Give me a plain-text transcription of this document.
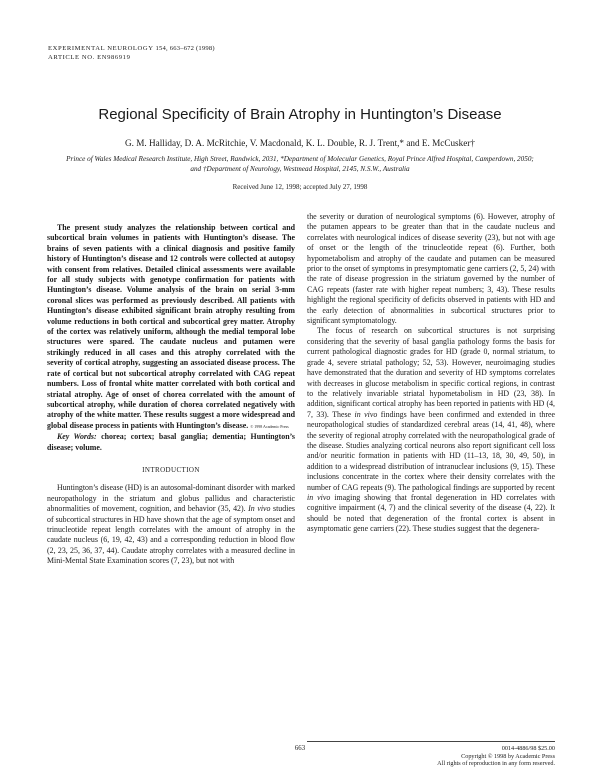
EXPERIMENTAL NEUROLOGY 154, 663–672 (1998)
ARTICLE NO. EN986919
Regional Specificity of Brain Atrophy in Huntington’s Disease
G. M. Halliday, D. A. McRitchie, V. Macdonald, K. L. Double, R. J. Trent,* and E. McCusker†
Prince of Wales Medical Research Institute, High Street, Randwick, 2031, *Department of Molecular Genetics, Royal Prince Alfred Hospital, Camperdown, 2050; and †Department of Neurology, Westmead Hospital, 2145, N.S.W., Australia
Received June 12, 1998; accepted July 27, 1998

The present study analyzes the relationship between cortical and subcortical brain volumes in patients with Huntington’s disease. The brains of seven patients with a clinical diagnosis and positive family history of Huntington’s disease and 12 controls were collected at autopsy with consent from relatives. Detailed clinical assessments were available for all study subjects with genotype confirmation for patients with Huntington’s disease. Volume analysis of the brain on serial 3-mm coronal slices was performed as previously described. All patients with Huntington’s disease exhibited significant brain atrophy resulting from volume reductions in both cortical and subcortical grey matter. Atrophy of the cortex was relatively uniform, although the medial temporal lobe structures were spared. The caudate nucleus and putamen were strikingly reduced in all cases and this atrophy correlated with the severity of cortical atrophy, suggesting an associated disease process. The rate of cortical but not subcortical atrophy correlated with CAG repeat numbers. Loss of frontal white matter correlated with both cortical and striatal atrophy. Age of onset of chorea correlated with the amount of subcortical atrophy, while duration of chorea correlated negatively with atrophy of the white matter. These results suggest a more widespread and global disease process in patients with Huntington’s disease. © 1998 Academic Press

Key Words: chorea; cortex; basal ganglia; dementia; Huntington’s disease; volume.

INTRODUCTION

Huntington’s disease (HD) is an autosomal-dominant disorder with marked neuropathology in the striatum and globus pallidus and characteristic abnormalities of movement, cognition, and behavior (35, 42). In vivo studies of subcortical structures in HD have shown that the age of symptom onset and trinucleotide repeat length correlates with the amount of atrophy in the caudate nucleus (6, 19, 42, 43) and a corresponding reduction in blood flow (2, 23, 25, 36, 37, 44). Caudate atrophy correlates with a measured decline in Mini-Mental State Examination scores (7, 23), but not with

the severity or duration of neurological symptoms (6). However, atrophy of the putamen appears to be greater than that in the caudate nucleus and correlates with neurological indices of disease severity (23), but not with age of onset or the length of the trinucleotide repeat (6). Further, both hypometabolism and atrophy of the caudate and putamen can be measured prior to the onset of symptoms in presymptomatic gene carriers (2, 5, 24) with the rate of disease progression in the striatum governed by the number of CAG repeats (faster rate with higher repeat numbers; 3, 43). These results highlight the regional specificity of deficits observed in patients with HD and the early detection of abnormalities in subcortical structures prior to significant symptomatology.

The focus of research on subcortical structures is not surprising considering that the severity of basal ganglia pathology forms the basis for current pathological diagnostic grades for HD (grade 0, normal striatum, to grade 4, severe striatal pathology; 52, 53). However, neuroimaging studies have demonstrated that the duration and severity of HD symptoms correlates with decreases in glucose metabolism in specific cortical regions, in contrast to the relatively invariable striatal hypometabolism in HD (23, 38). In addition, significant cortical atrophy has been reported in patients with HD (4, 7, 33). These in vivo findings have been confirmed and extended in three neuropathological studies of standardized cerebral areas (14, 41, 48), where the severity of regional atrophy correlated with the neuropathological grade of the disease. Studies analyzing cortical neurons also report significant cell loss and/or neuritic formation in patients with HD (11–13, 18, 30, 49, 50), in addition to a widespread distribution of intranuclear inclusions (9, 15). These inclusions concentrate in the cortex where their density correlates with the number of CAG repeats (9). The pathological findings are supported by recent in vivo imaging showing that frontal degeneration in HD correlates with cognitive impairment (4, 7) and the clinical severity of the disease (4, 22). It should be noted that degeneration of the frontal cortex is absent in asymptomatic gene carriers (22). These studies suggest that the degenera-

663	0014-4886/98 $25.00
Copyright © 1998 by Academic Press
All rights of reproduction in any form reserved.
